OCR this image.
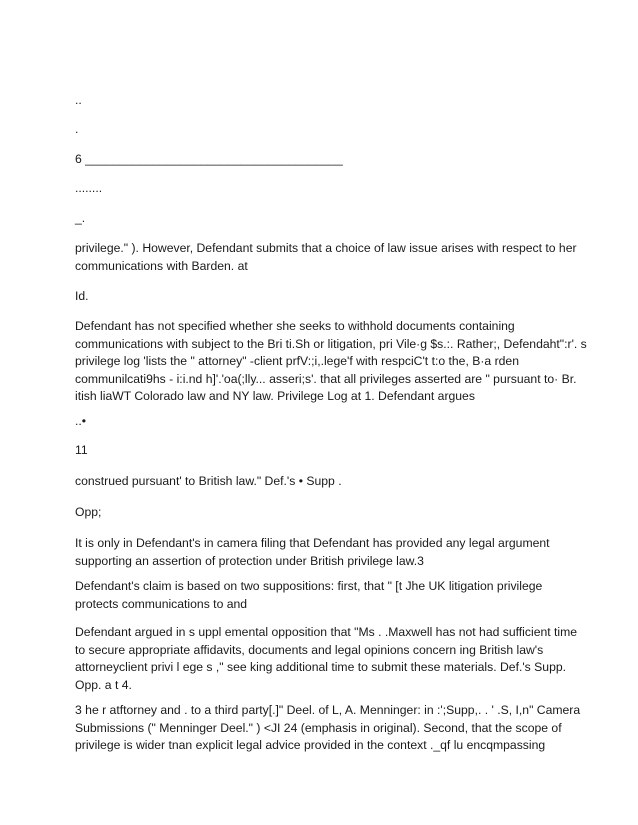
..

.

6 ______________________________________

........

_.

privilege." ). However, Defendant submits that a choice of law issue arises with respect to her
communications with Barden. at

Id.

Defendant has not specified whether she seeks to withhold documents containing
communications with subject to the Bri ti.Sh or litigation, pri Vile·g $s.:. Rather;, Defendaht":r'. s
privilege log 'lists the " attorney" -client prfV:;i,.lege'f with respciC't t:o the, B·a rden
communilcati9hs - i:i.nd h]'.'oa(;lly... asseri;s'. that all privileges asserted are " pursuant to· Br.
itish liaWT Colorado law and NY law. Privilege Log at 1. Defendant argues

..•

11

construed pursuant' to British law." Def.'s • Supp .

Opp;

It is only in Defendant's in camera filing that Defendant has provided any legal argument
supporting an assertion of protection under British privilege law.3
Defendant's claim is based on two suppositions: first, that " [t Jhe UK litigation privilege
protects communications to and
Defendant argued in s uppl emental opposition that "Ms . .Maxwell has not had sufficient time
to secure appropriate affidavits, documents and legal opinions concern ing British law's
attorneyclient privi l ege s ," see king additional time to submit these materials. Def.'s Supp.
Opp. a t 4.
3 he r atftorney and . to a third party[.]" Deel. of L, A. Menninger: in :';Supp,. . ' .S, I,n" Camera
Submissions (" Menninger Deel." ) <JI 24 (emphasis in original). Second, that the scope of
privilege is wider tnan explicit legal advice provided in the context ._qf lu encqmpassing
